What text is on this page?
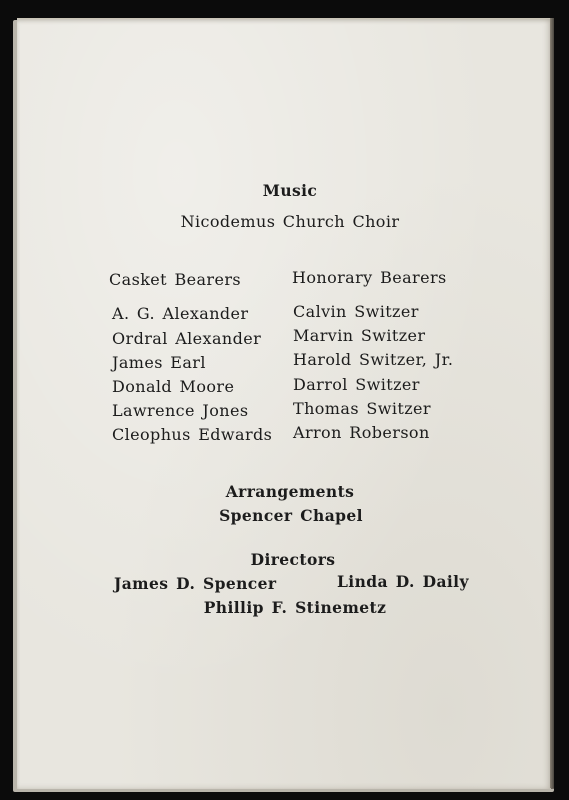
Music
Nicodemus Church Choir
Casket Bearers	Honorary Bearers
A. G. Alexander
Ordral Alexander
James Earl
Donald Moore
Lawrence Jones
Cleophus Edwards
Calvin Switzer
Marvin Switzer
Harold Switzer, Jr.
Darrol Switzer
Thomas Switzer
Arron Roberson
Arrangements
Spencer Chapel
Directors
James D. Spencer	Linda D. Daily
Phillip F. Stinemetz
